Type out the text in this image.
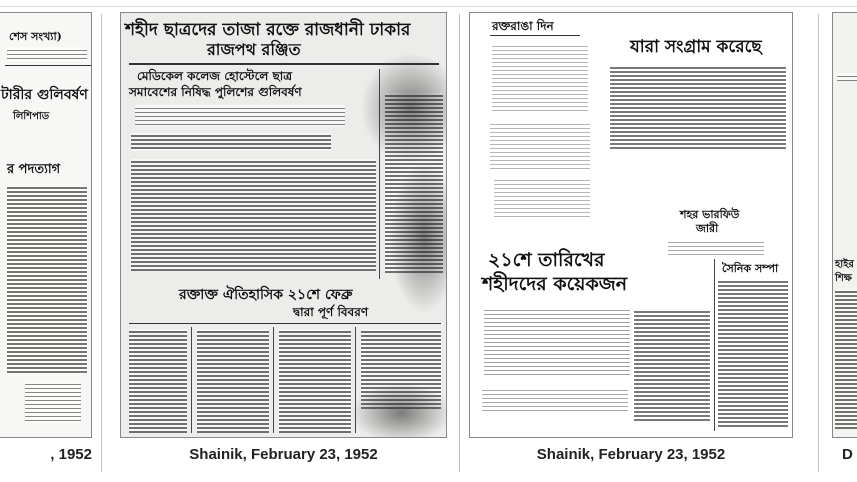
শেস সংখ্যা)
টারীর গুলিবর্ষণ
লিশিপাড
র পদত্যাগ
, 1952
শহীদ ছাত্রদের তাজা রক্তে রাজধানী ঢাকার
রাজপথ রঞ্জিত
মেডিকেল কলেজ হোস্টেলে ছাত্র
সমাবেশের নিষিদ্ধ পুলিশের গুলিবর্ষণ
রক্তাক্ত ঐতিহাসিক ২১শে ফেব্রু
দ্বারা পূর্ণ বিবরণ
Shainik, February 23, 1952
রক্তরাঙা দিন
যারা সংগ্রাম করেছে
২১শে তারিখের
শহীদদের কয়েকজন
শহর ভারফিউ
জারী
সৈনিক সম্পা
Shainik, February 23, 1952
হাইর
শিক্ষ
D
